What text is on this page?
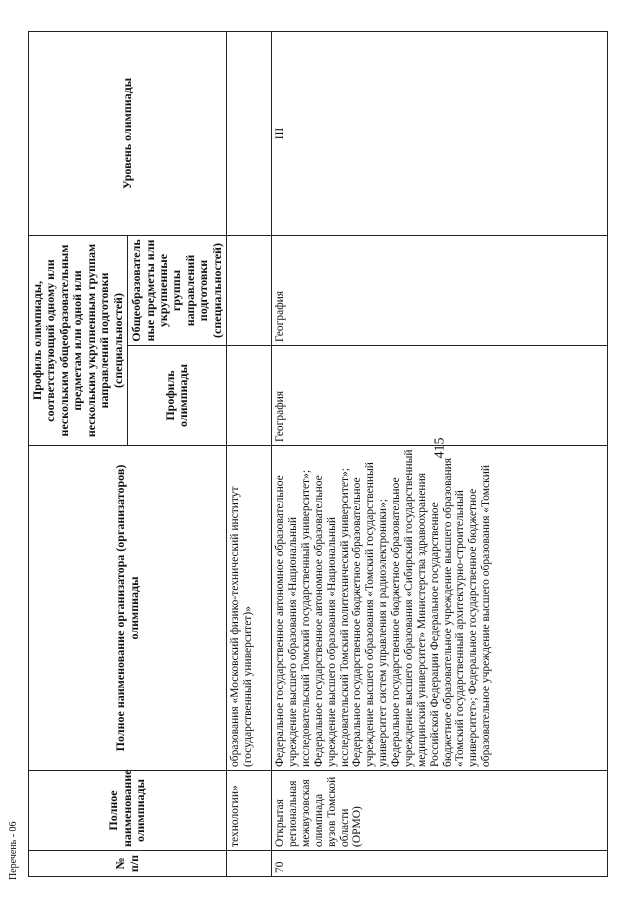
415
Перечень - 06	№ п/п	Полное наименование олимпиады	Полное наименование организатора (организаторов) олимпиады	Профиль олимпиады, соответствующий одному или нескольким общеобразовательным предметам или одной или нескольким укрупненным группам направлений подготовки (специальностей)		Уровень олимпиады
			Профиль олимпиады	Общеобразователь ные предметы или укрупненные группы направлений подготовки (специальностей)	
	технологии»	образования «Московский физико-технический институт (государственный университет)»			
70	Открытая региональная межвузовская олимпиада вузов Томской области (ОРМО)	Федеральное государственное автономное образовательное учреждение высшего образования «Национальный исследовательский Томский государственный университет»; Федеральное государственное автономное образовательное учреждение высшего образования «Национальный исследовательский Томский политехнический университет»; Федеральное государственное бюджетное образовательное учреждение высшего образования «Томский государственный университет систем управления и радиоэлектроники»; Федеральное государственное бюджетное образовательное учреждение высшего образования «Сибирский государственный медицинский университет» Министерства здравоохранения Российской Федерации Федеральное государственное бюджетное образовательное учреждение высшего образования «Томский государственный архитектурно-строительный университет»; Федеральное государственное бюджетное образовательное учреждение высшего образования «Томский	География	География	III
